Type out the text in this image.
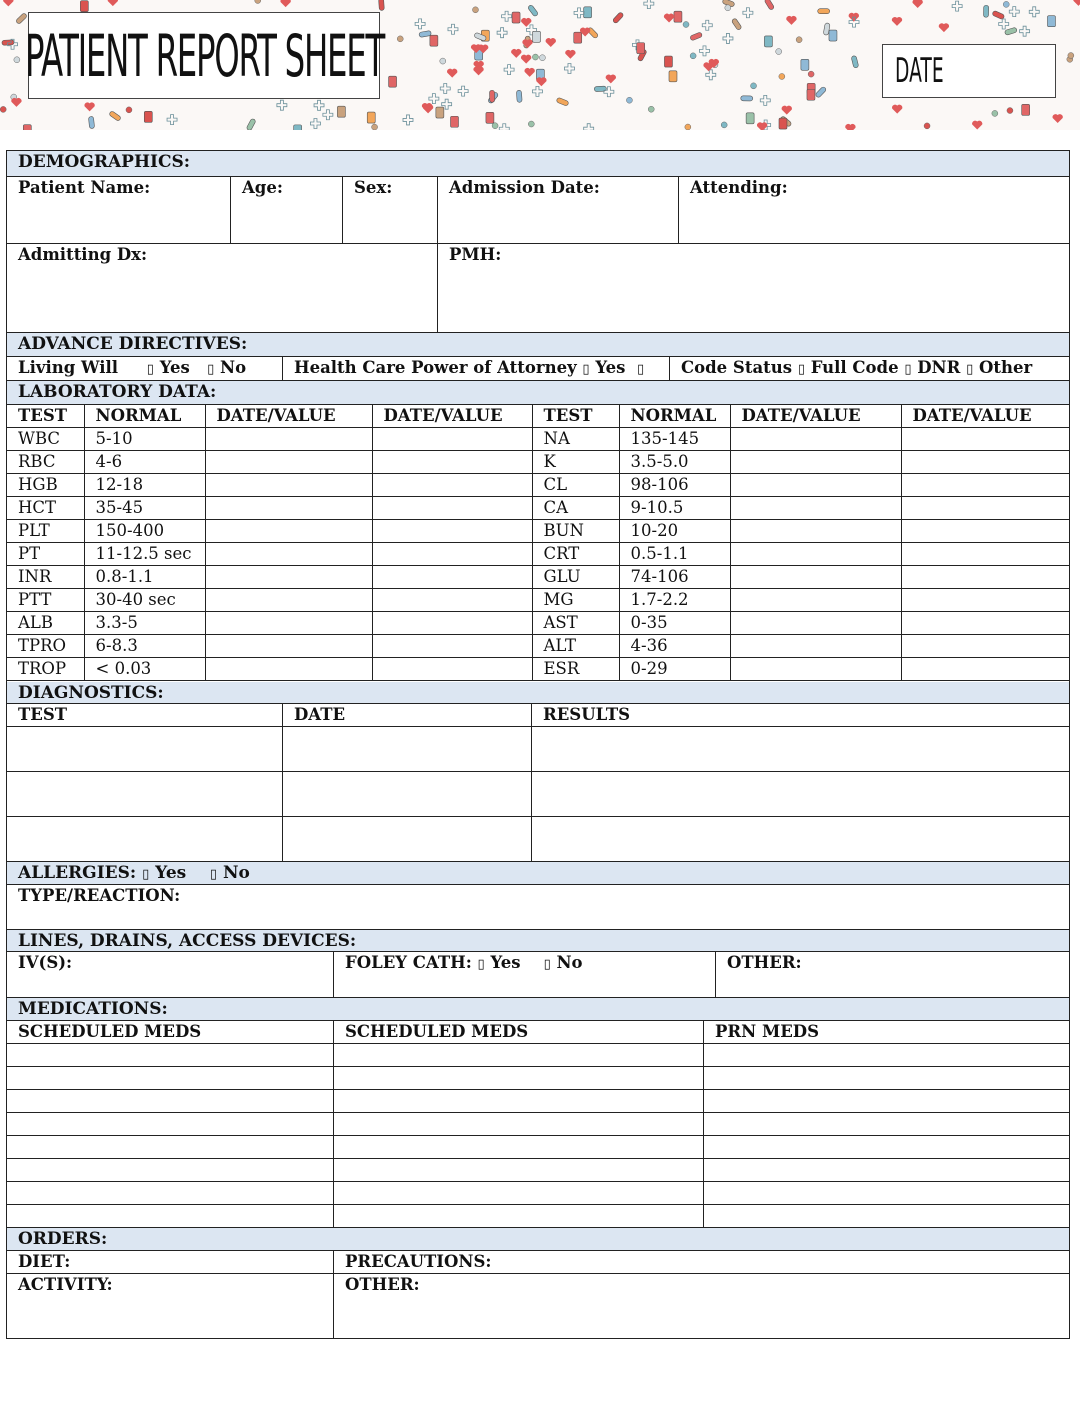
PATIENT REPORT SHEET	DATE
DEMOGRAPHICS:
Patient Name:	Age:	Sex:	Admission Date:	Attending:
Admitting Dx:	PMH:
ADVANCE DIRECTIVES:
Living Will ▯ Yes ▯ No	Health Care Power of Attorney ▯ Yes ▯	Code Status ▯ Full Code ▯ DNR ▯ Other
LABORATORY DATA:
TEST	NORMAL	DATE/VALUE	DATE/VALUE	TEST	NORMAL	DATE/VALUE	DATE/VALUE
WBC	5-10			NA	135-145		
RBC	4-6			K	3.5-5.0		
HGB	12-18			CL	98-106		
HCT	35-45			CA	9-10.5		
PLT	150-400			BUN	10-20		
PT	11-12.5 sec			CRT	0.5-1.1		
INR	0.8-1.1			GLU	74-106		
PTT	30-40 sec			MG	1.7-2.2		
ALB	3.3-5			AST	0-35		
TPRO	6-8.3			ALT	4-36		
TROP	< 0.03			ESR	0-29		
DIAGNOSTICS:
TEST	DATE	RESULTS
ALLERGIES: ▯ Yes ▯ No
TYPE/REACTION:
LINES, DRAINS, ACCESS DEVICES:
IV(S):	FOLEY CATH: ▯ Yes ▯ No	OTHER:
MEDICATIONS:
SCHEDULED MEDS	SCHEDULED MEDS	PRN MEDS
ORDERS:
DIET:	PRECAUTIONS:
ACTIVITY:	OTHER:
